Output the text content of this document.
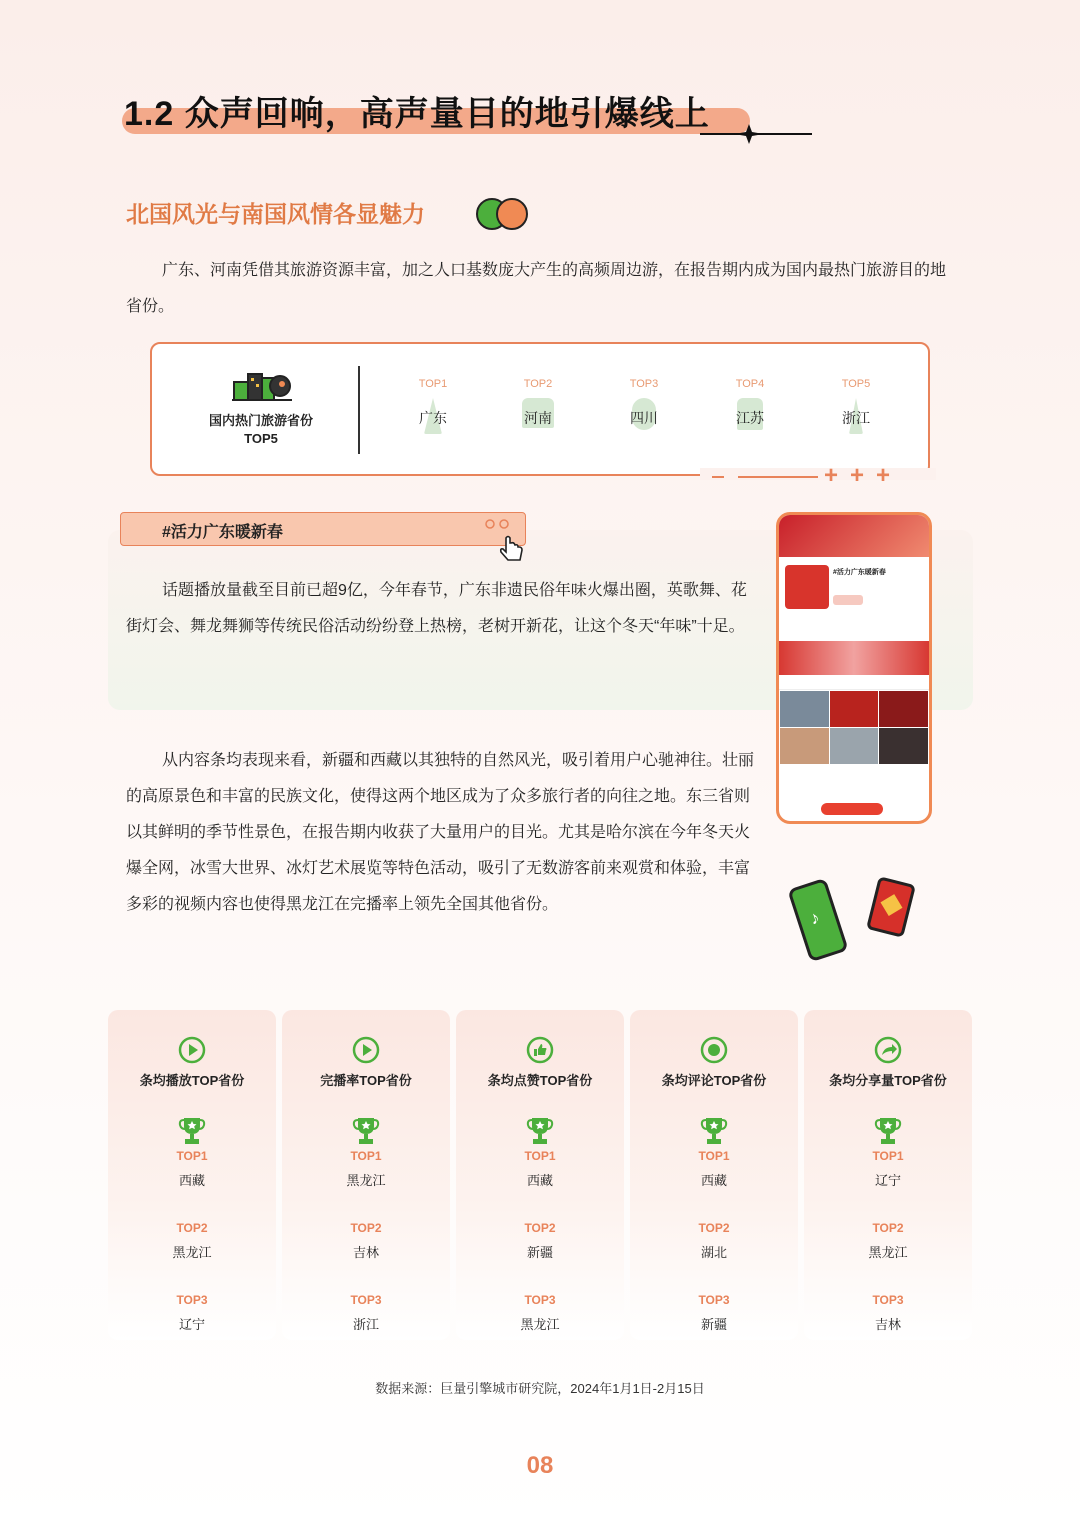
1.2 众声回响，高声量目的地引爆线上
北国风光与南国风情各显魅力
广东、河南凭借其旅游资源丰富，加之人口基数庞大产生的高频周边游，在报告期内成为国内最热门旅游目的地省份。
+ + +
国内热门旅游省份
TOP5
TOP1
广东
TOP2
河南
TOP3
四川
TOP4
江苏
TOP5
浙江
#活力广东暖新春
话题播放量截至目前已超9亿，今年春节，广东非遗民俗年味火爆出圈，英歌舞、花街灯会、舞龙舞狮等传统民俗活动纷纷登上热榜，老树开新花，让这个冬天“年味”十足。
#活力广东暖新春
从内容条均表现来看，新疆和西藏以其独特的自然风光，吸引着用户心驰神往。壮丽的高原景色和丰富的民族文化，使得这两个地区成为了众多旅行者的向往之地。东三省则以其鲜明的季节性景色，在报告期内收获了大量用户的目光。尤其是哈尔滨在今年冬天火爆全网，冰雪大世界、冰灯艺术展览等特色活动，吸引了无数游客前来观赏和体验，丰富多彩的视频内容也使得黑龙江在完播率上领先全国其他省份。
♪
条均播放TOP省份
TOP1
西藏
TOP2
黑龙江
TOP3
辽宁
完播率TOP省份
TOP1
黑龙江
TOP2
吉林
TOP3
浙江
条均点赞TOP省份
TOP1
西藏
TOP2
新疆
TOP3
黑龙江
条均评论TOP省份
TOP1
西藏
TOP2
湖北
TOP3
新疆
条均分享量TOP省份
TOP1
辽宁
TOP2
黑龙江
TOP3
吉林
数据来源：巨量引擎城市研究院，2024年1月1日-2月15日
08
